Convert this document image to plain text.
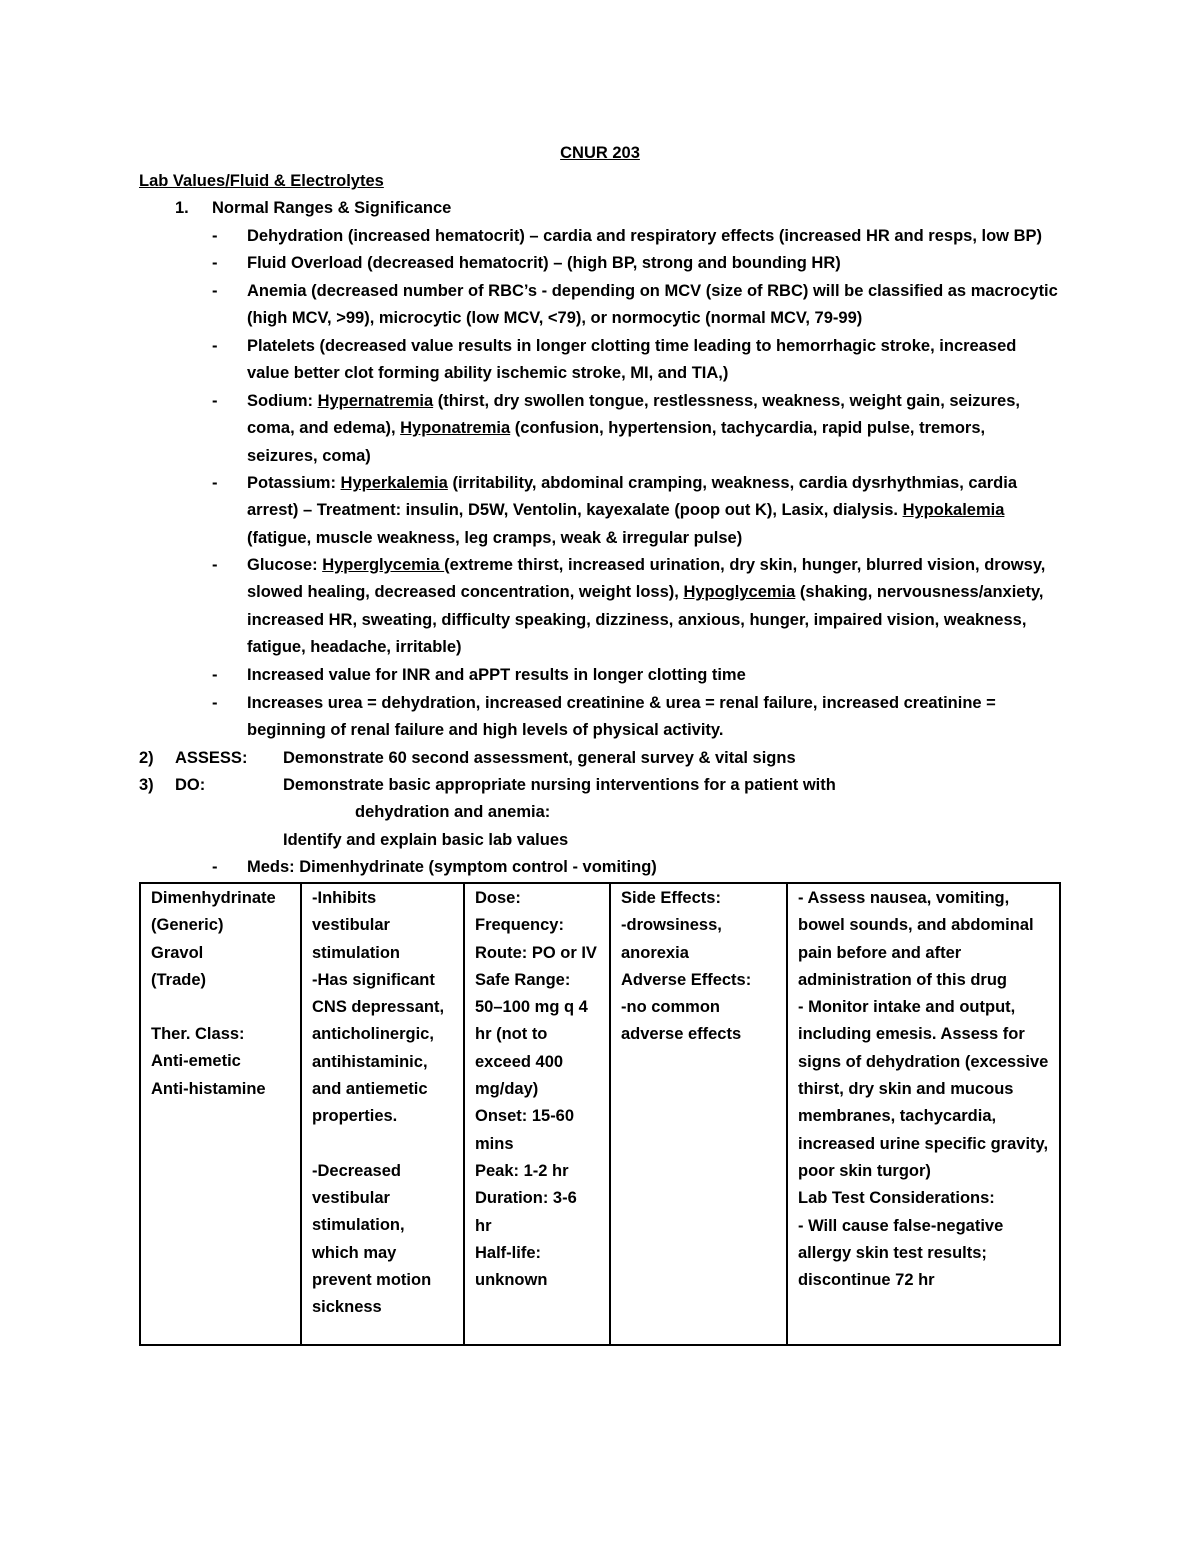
CNUR 203
Lab Values/Fluid & Electrolytes
1. Normal Ranges & Significance
- Dehydration (increased hematocrit) – cardia and respiratory effects (increased HR and resps, low BP)
- Fluid Overload (decreased hematocrit) – (high BP, strong and bounding HR)
- Anemia (decreased number of RBC’s - depending on MCV (size of RBC) will be classified as macrocytic (high MCV, >99), microcytic (low MCV, <79), or normocytic (normal MCV, 79-99)
- Platelets (decreased value results in longer clotting time leading to hemorrhagic stroke, increased value better clot forming ability ischemic stroke, MI, and TIA,)
- Sodium: Hypernatremia (thirst, dry swollen tongue, restlessness, weakness, weight gain, seizures, coma, and edema), Hyponatremia (confusion, hypertension, tachycardia, rapid pulse, tremors, seizures, coma)
- Potassium: Hyperkalemia (irritability, abdominal cramping, weakness, cardia dysrhythmias, cardia arrest) – Treatment: insulin, D5W, Ventolin, kayexalate (poop out K), Lasix, dialysis. Hypokalemia (fatigue, muscle weakness, leg cramps, weak & irregular pulse)
- Glucose: Hyperglycemia (extreme thirst, increased urination, dry skin, hunger, blurred vision, drowsy, slowed healing, decreased concentration, weight loss), Hypoglycemia (shaking, nervousness/anxiety, increased HR, sweating, difficulty speaking, dizziness, anxious, hunger, impaired vision, weakness, fatigue, headache, irritable)
- Increased value for INR and aPPT results in longer clotting time
- Increases urea = dehydration, increased creatinine & urea = renal failure, increased creatinine = beginning of renal failure and high levels of physical activity.
2) ASSESS: Demonstrate 60 second assessment, general survey & vital signs
3) DO:	Demonstrate basic appropriate nursing interventions for a patient with
dehydration and anemia:
Identify and explain basic lab values
- Meds: Dimenhydrinate (symptom control - vomiting)
Dimenhydrinate
(Generic)
Gravol
(Trade)
Ther. Class:
Anti-emetic
Anti-histamine

-Inhibits
vestibular
stimulation
-Has significant
CNS depressant,
anticholinergic,
antihistaminic,
and antiemetic
properties.
-Decreased
vestibular
stimulation,
which may
prevent motion
sickness

Dose:
Frequency:
Route: PO or IV
Safe Range:
50–100 mg q 4
hr (not to
exceed 400
mg/day)
Onset: 15-60
mins
Peak: 1-2 hr
Duration: 3-6
hr
Half-life:
unknown

Side Effects:
-drowsiness,
anorexia
Adverse Effects:
-no common
adverse effects

- Assess nausea, vomiting,
bowel sounds, and abdominal
pain before and after
administration of this drug
- Monitor intake and output,
including emesis. Assess for
signs of dehydration (excessive
thirst, dry skin and mucous
membranes, tachycardia,
increased urine specific gravity,
poor skin turgor)
Lab Test Considerations:
- Will cause false-negative
allergy skin test results;
discontinue 72 hr
